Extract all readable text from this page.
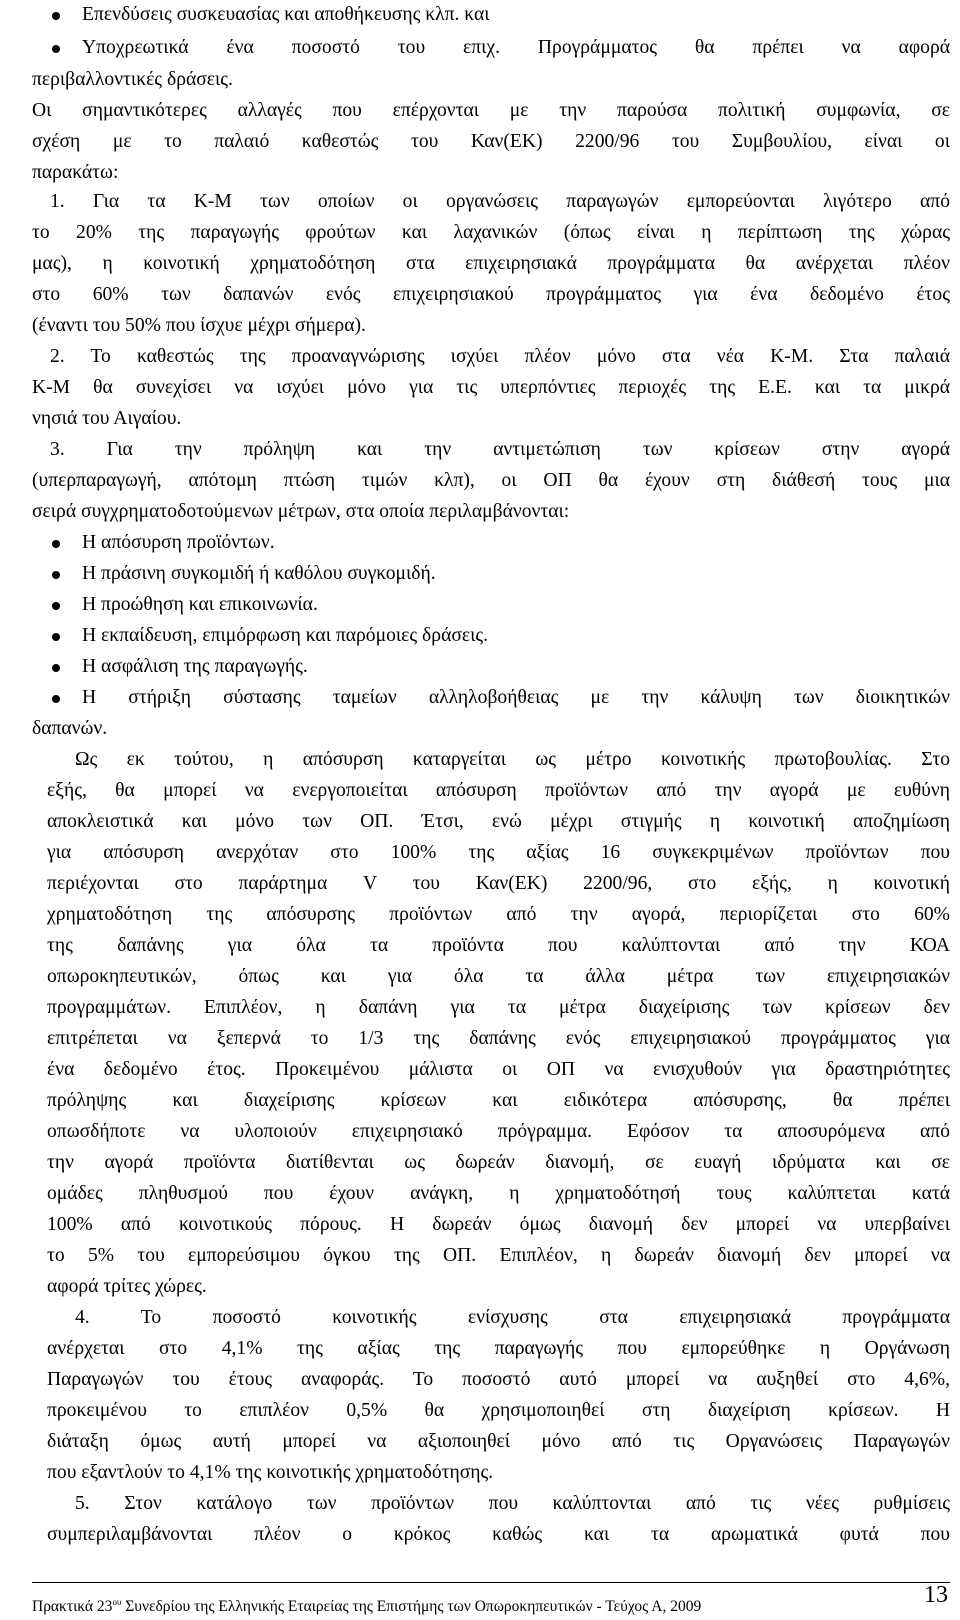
Επενδύσεις συσκευασίας και αποθήκευσης κλπ. και
Υποχρεωτικά ένα ποσοστό του επιχ. Προγράμματος θα πρέπει να αφορά
περιβαλλοντικές δράσεις.
Οι σημαντικότερες αλλαγές που επέρχονται με την παρούσα πολιτική συμφωνία, σε
σχέση με το παλαιό καθεστώς του Καν(ΕΚ) 2200/96 του Συμβουλίου, είναι οι
παρακάτω:
1. Για τα Κ-Μ των οποίων οι οργανώσεις παραγωγών εμπορεύονται λιγότερο από
το 20% της παραγωγής φρούτων και λαχανικών (όπως είναι η περίπτωση της χώρας
μας), η κοινοτική χρηματοδότηση στα επιχειρησιακά προγράμματα θα ανέρχεται πλέον
στο 60% των δαπανών ενός επιχειρησιακού προγράμματος για ένα δεδομένο έτος
(έναντι του 50% που ίσχυε μέχρι σήμερα).
2. Το καθεστώς της προαναγνώρισης ισχύει πλέον μόνο στα νέα Κ-Μ. Στα παλαιά
Κ-Μ θα συνεχίσει να ισχύει μόνο για τις υπερπόντιες περιοχές της Ε.Ε. και τα μικρά
νησιά του Αιγαίου.
3. Για την πρόληψη και την αντιμετώπιση των κρίσεων στην αγορά
(υπερπαραγωγή, απότομη πτώση τιμών κλπ), οι ΟΠ θα έχουν στη διάθεσή τους μια
σειρά συγχρηματοδοτούμενων μέτρων, στα οποία περιλαμβάνονται:
Η απόσυρση προϊόντων.
Η πράσινη συγκομιδή ή καθόλου συγκομιδή.
Η προώθηση και επικοινωνία.
Η εκπαίδευση, επιμόρφωση και παρόμοιες δράσεις.
Η ασφάλιση της παραγωγής.
Η στήριξη σύστασης ταμείων αλληλοβοήθειας με την κάλυψη των διοικητικών
δαπανών.
Ως εκ τούτου, η απόσυρση καταργείται ως μέτρο κοινοτικής πρωτοβουλίας. Στο
εξής, θα μπορεί να ενεργοποιείται απόσυρση προϊόντων από την αγορά με ευθύνη
αποκλειστικά και μόνο των ΟΠ. Έτσι, ενώ μέχρι στιγμής η κοινοτική αποζημίωση
για απόσυρση ανερχόταν στο 100% της αξίας 16 συγκεκριμένων προϊόντων που
περιέχονται στο παράρτημα V του Καν(ΕΚ) 2200/96, στο εξής, η κοινοτική
χρηματοδότηση της απόσυρσης προϊόντων από την αγορά, περιορίζεται στο 60%
της δαπάνης για όλα τα προϊόντα που καλύπτονται από την ΚΟΑ
οπωροκηπευτικών, όπως και για όλα τα άλλα μέτρα των επιχειρησιακών
προγραμμάτων. Επιπλέον, η δαπάνη για τα μέτρα διαχείρισης των κρίσεων δεν
επιτρέπεται να ξεπερνά το 1/3 της δαπάνης ενός επιχειρησιακού προγράμματος για
ένα δεδομένο έτος. Προκειμένου μάλιστα οι ΟΠ να ενισχυθούν για δραστηριότητες
πρόληψης και διαχείρισης κρίσεων και ειδικότερα απόσυρσης, θα πρέπει
οπωσδήποτε να υλοποιούν επιχειρησιακό πρόγραμμα. Εφόσον τα αποσυρόμενα από
την αγορά προϊόντα διατίθενται ως δωρεάν διανομή, σε ευαγή ιδρύματα και σε
ομάδες πληθυσμού που έχουν ανάγκη, η χρηματοδότησή τους καλύπτεται κατά
100% από κοινοτικούς πόρους. Η δωρεάν όμως διανομή δεν μπορεί να υπερβαίνει
το 5% του εμπορεύσιμου όγκου της ΟΠ. Επιπλέον, η δωρεάν διανομή δεν μπορεί να
αφορά τρίτες χώρες.
4. Το ποσοστό κοινοτικής ενίσχυσης στα επιχειρησιακά προγράμματα
ανέρχεται στο 4,1% της αξίας της παραγωγής που εμπορεύθηκε η Οργάνωση
Παραγωγών του έτους αναφοράς. Το ποσοστό αυτό μπορεί να αυξηθεί στο 4,6%,
προκειμένου το επιπλέον 0,5% θα χρησιμοποιηθεί στη διαχείριση κρίσεων. Η
διάταξη όμως αυτή μπορεί να αξιοποιηθεί μόνο από τις Οργανώσεις Παραγωγών
που εξαντλούν το 4,1% της κοινοτικής χρηματοδότησης.
5. Στον κατάλογο των προϊόντων που καλύπτονται από τις νέες ρυθμίσεις
συμπεριλαμβάνονται πλέον ο κρόκος καθώς και τα αρωματικά φυτά που
Πρακτικά $23^{o\upsilon}$ Συνεδρίου της Ελληνικής Εταιρείας της Επιστήμης των Οπωροκηπευτικών - Τεύχος Α, 2009	13
